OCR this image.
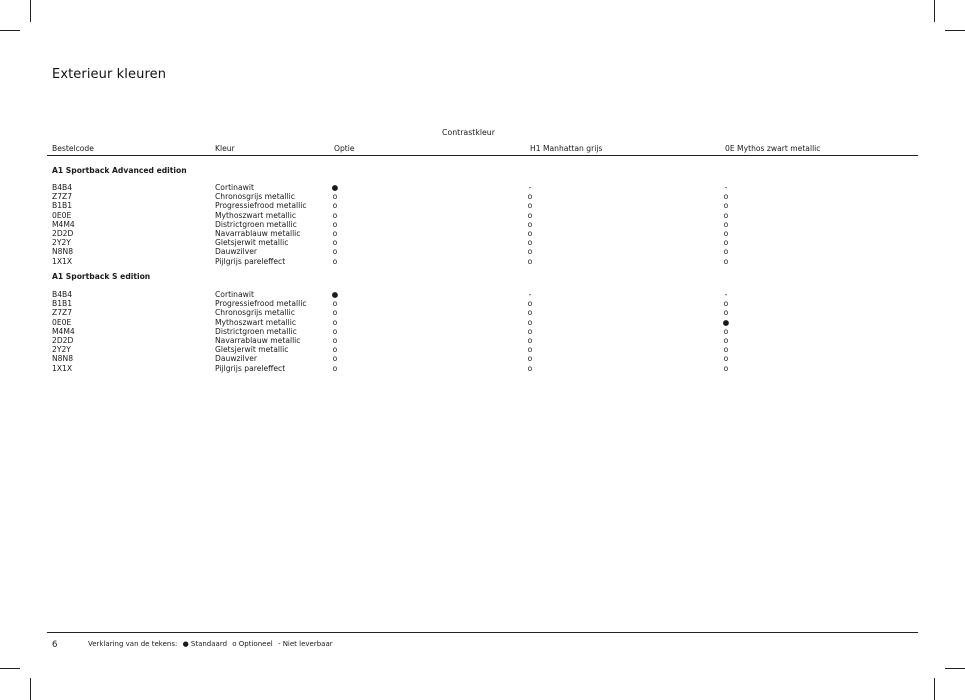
Exterieur kleuren
Contrastkleur
Bestelcode	Kleur	Optie	H1 Manhattan grijs	0E Mythos zwart metallic
A1 Sportback Advanced edition
B4B4	Cortinawit	●	-	-
Z7Z7	Chronosgrijs metallic	o	o	o
B1B1	Progressiefrood metallic	o	o	o
0E0E	Mythoszwart metallic	o	o	o
M4M4	Districtgroen metallic	o	o	o
2D2D	Navarrablauw metallic	o	o	o
2Y2Y	Gletsjerwit metallic	o	o	o
N8N8	Dauwzilver	o	o	o
1X1X	Pijlgrijs pareleffect	o	o	o
A1 Sportback S edition
B4B4	Cortinawit	●	-	-
B1B1	Progressiefrood metallic	o	o	o
Z7Z7	Chronosgrijs metallic	o	o	o
0E0E	Mythoszwart metallic	o	o	●
M4M4	Districtgroen metallic	o	o	o
2D2D	Navarrablauw metallic	o	o	o
2Y2Y	Gletsjerwit metallic	o	o	o
N8N8	Dauwzilver	o	o	o
1X1X	Pijlgrijs pareleffect	o	o	o
6	Verklaring van de tekens: ● Standaard o Optioneel - Niet leverbaar
